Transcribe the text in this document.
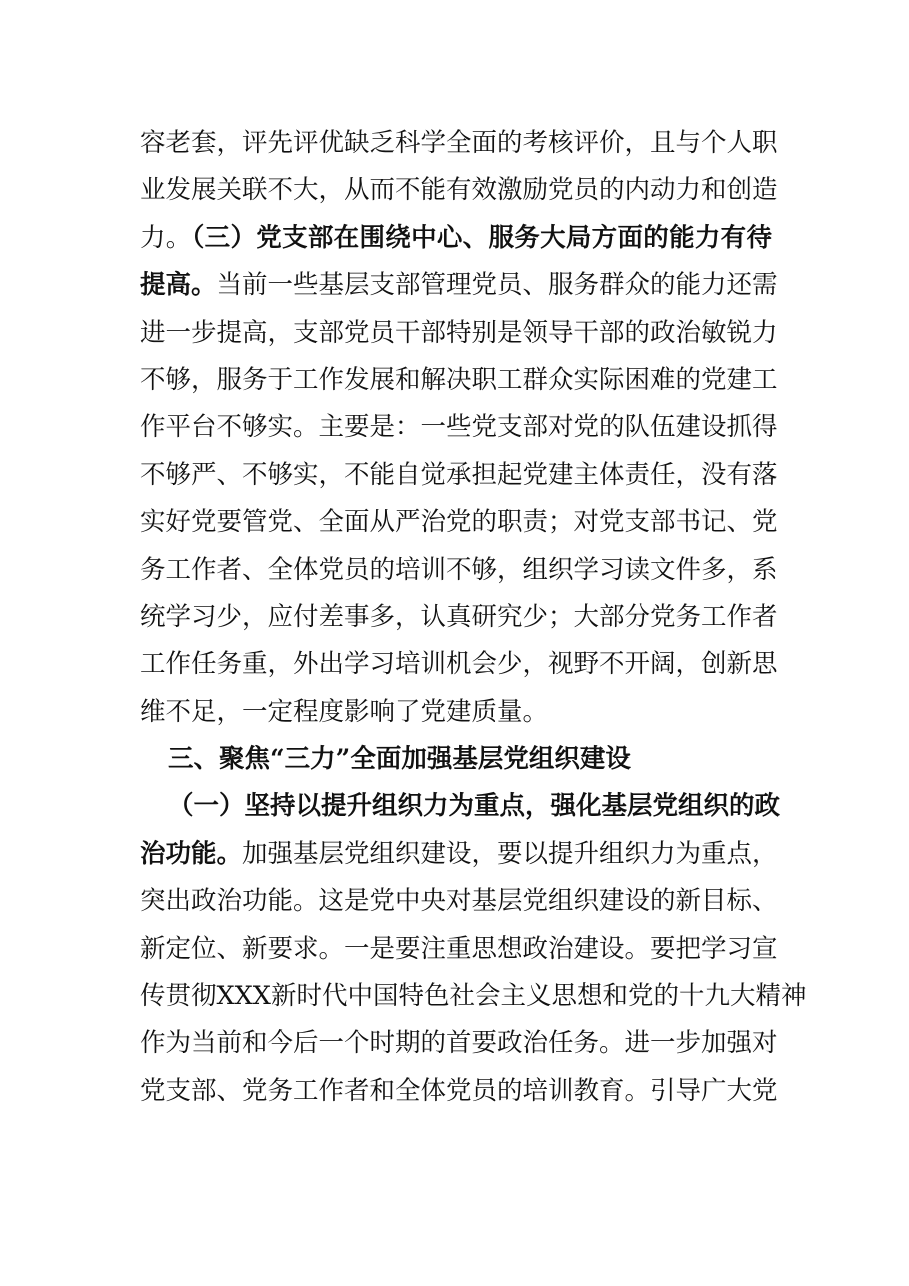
容老套，评先评优缺乏科学全面的考核评价，且与个人职
业发展关联不大，从而不能有效激励党员的内动力和创造
力。（三）党支部在围绕中心、服务大局方面的能力有待
提高。当前一些基层支部管理党员、服务群众的能力还需
进一步提高，支部党员干部特别是领导干部的政治敏锐力
不够，服务于工作发展和解决职工群众实际困难的党建工
作平台不够实。主要是：一些党支部对党的队伍建设抓得
不够严、不够实，不能自觉承担起党建主体责任，没有落
实好党要管党、全面从严治党的职责；对党支部书记、党
务工作者、全体党员的培训不够，组织学习读文件多，系
统学习少，应付差事多，认真研究少；大部分党务工作者
工作任务重，外出学习培训机会少，视野不开阔，创新思
维不足，一定程度影响了党建质量。
三、聚焦“三力”全面加强基层党组织建设
（一）坚持以提升组织力为重点，强化基层党组织的政
治功能。加强基层党组织建设，要以提升组织力为重点，
突出政治功能。这是党中央对基层党组织建设的新目标、
新定位、新要求。一是要注重思想政治建设。要把学习宣
传贯彻XXX新时代中国特色社会主义思想和党的十九大精神
作为当前和今后一个时期的首要政治任务。进一步加强对
党支部、党务工作者和全体党员的培训教育。引导广大党
